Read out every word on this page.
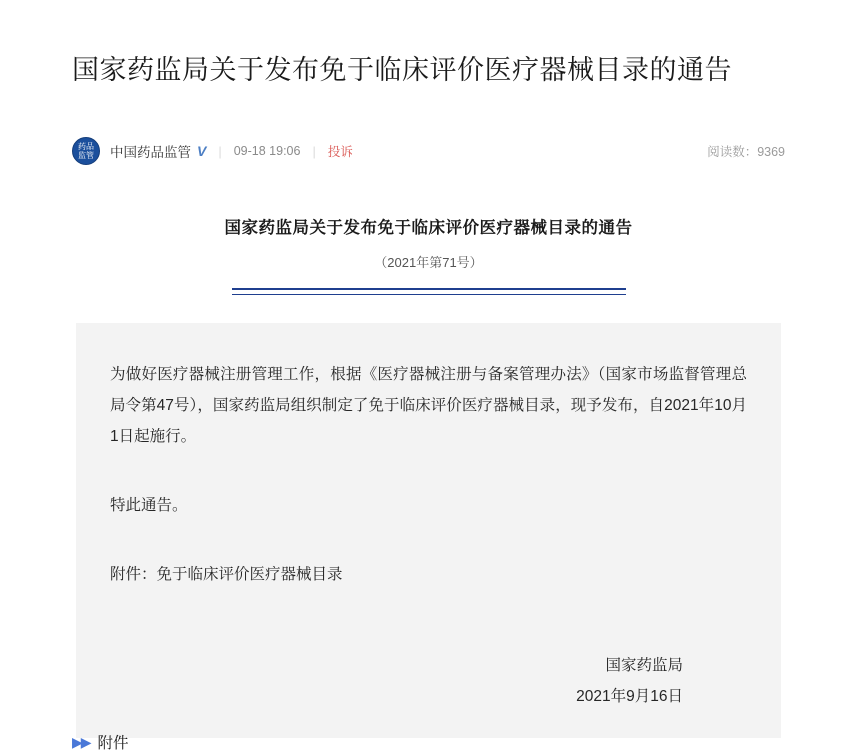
国家药监局关于发布免于临床评价医疗器械目录的通告
药品
监管 中国药品监管 V | 09-18 19:06 | 投诉	阅读数：9369
国家药监局关于发布免于临床评价医疗器械目录的通告
（2021年第71号）

为做好医疗器械注册管理工作，根据《医疗器械注册与备案管理办法》（国家市场监督管理总局令第47号），国家药监局组织制定了免于临床评价医疗器械目录，现予发布，自2021年10月1日起施行。

特此通告。

附件：免于临床评价医疗器械目录

国家药监局
2021年9月16日
▶▶ 附件
